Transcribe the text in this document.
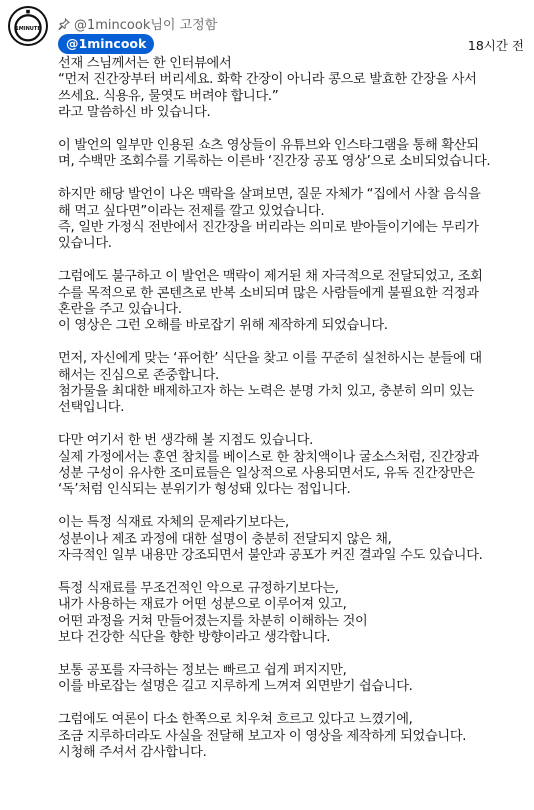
1MINUTE	@1mincook님이 고정함
@1mincook	18시간 전
선재 스님께서는 한 인터뷰에서
“먼저 진간장부터 버리세요. 화학 간장이 아니라 콩으로 발효한 간장을 사서
쓰세요. 식용유, 물엿도 버려야 합니다.”
라고 말씀하신 바 있습니다.
이 발언의 일부만 인용된 쇼츠 영상들이 유튜브와 인스타그램을 통해 확산되
며, 수백만 조회수를 기록하는 이른바 ‘진간장 공포 영상’으로 소비되었습니다.
하지만 해당 발언이 나온 맥락을 살펴보면, 질문 자체가 “집에서 사찰 음식을
해 먹고 싶다면”이라는 전제를 깔고 있었습니다.
즉, 일반 가정식 전반에서 진간장을 버리라는 의미로 받아들이기에는 무리가
있습니다.
그럼에도 불구하고 이 발언은 맥락이 제거된 채 자극적으로 전달되었고, 조회
수를 목적으로 한 콘텐츠로 반복 소비되며 많은 사람들에게 불필요한 걱정과
혼란을 주고 있습니다.
이 영상은 그런 오해를 바로잡기 위해 제작하게 되었습니다.
먼저, 자신에게 맞는 ‘퓨어한’ 식단을 찾고 이를 꾸준히 실천하시는 분들에 대
해서는 진심으로 존중합니다.
첨가물을 최대한 배제하고자 하는 노력은 분명 가치 있고, 충분히 의미 있는
선택입니다.
다만 여기서 한 번 생각해 볼 지점도 있습니다.
실제 가정에서는 훈연 참치를 베이스로 한 참치액이나 굴소스처럼, 진간장과
성분 구성이 유사한 조미료들은 일상적으로 사용되면서도, 유독 진간장만은
‘독’처럼 인식되는 분위기가 형성돼 있다는 점입니다.
이는 특정 식재료 자체의 문제라기보다는,
성분이나 제조 과정에 대한 설명이 충분히 전달되지 않은 채,
자극적인 일부 내용만 강조되면서 불안과 공포가 커진 결과일 수도 있습니다.
특정 식재료를 무조건적인 악으로 규정하기보다는,
내가 사용하는 재료가 어떤 성분으로 이루어져 있고,
어떤 과정을 거쳐 만들어졌는지를 차분히 이해하는 것이
보다 건강한 식단을 향한 방향이라고 생각합니다.
보통 공포를 자극하는 정보는 빠르고 쉽게 퍼지지만,
이를 바로잡는 설명은 길고 지루하게 느껴져 외면받기 쉽습니다.
그럼에도 여론이 다소 한쪽으로 치우쳐 흐르고 있다고 느꼈기에,
조금 지루하더라도 사실을 전달해 보고자 이 영상을 제작하게 되었습니다.
시청해 주셔서 감사합니다.
